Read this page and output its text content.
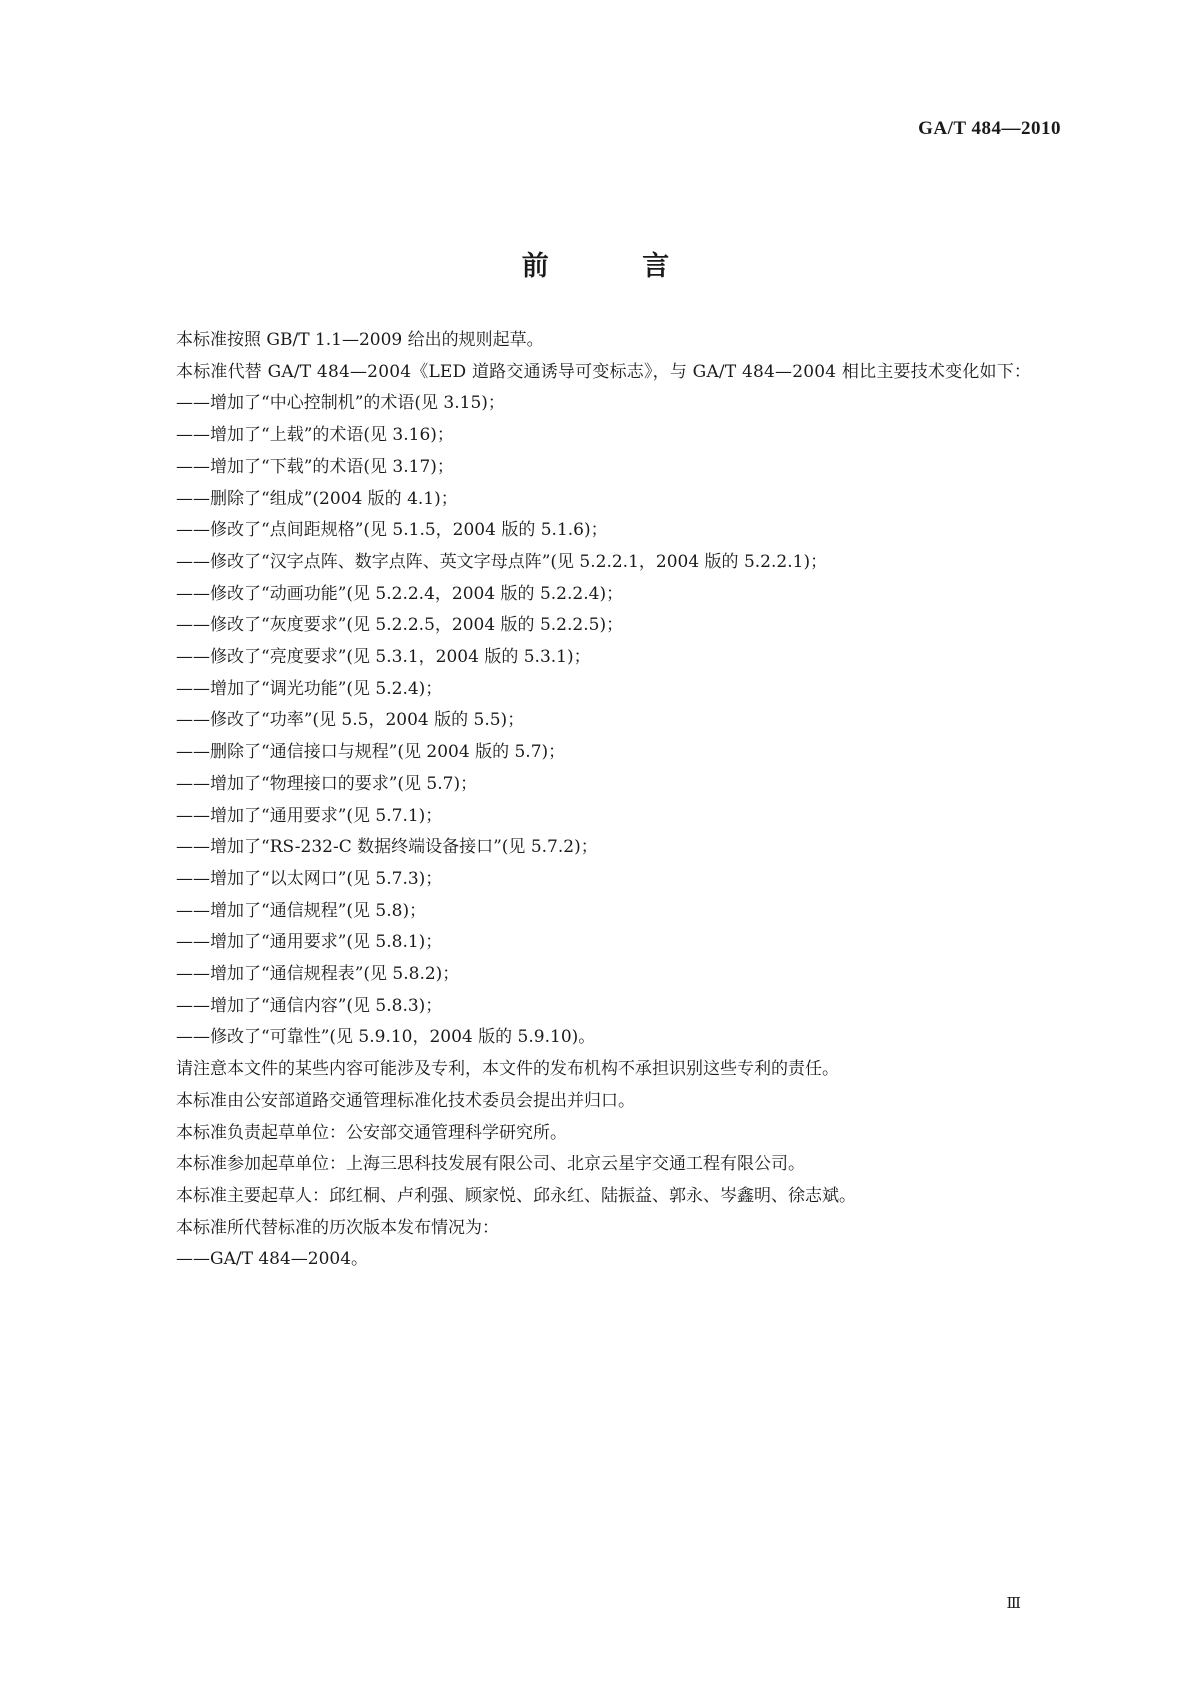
GA/T 484—2010
前 言

本标准按照 GB/T 1.1—2009 给出的规则起草。

本标准代替 GA/T 484—2004《LED 道路交通诱导可变标志》，与 GA/T 484—2004 相比主要技术变化如下：

——增加了“中心控制机”的术语(见 3.15)；

——增加了“上载”的术语(见 3.16)；

——增加了“下载”的术语(见 3.17)；

——删除了“组成”(2004 版的 4.1)；

——修改了“点间距规格”(见 5.1.5，2004 版的 5.1.6)；

——修改了“汉字点阵、数字点阵、英文字母点阵”(见 5.2.2.1，2004 版的 5.2.2.1)；

——修改了“动画功能”(见 5.2.2.4，2004 版的 5.2.2.4)；

——修改了“灰度要求”(见 5.2.2.5，2004 版的 5.2.2.5)；

——修改了“亮度要求”(见 5.3.1，2004 版的 5.3.1)；

——增加了“调光功能”(见 5.2.4)；

——修改了“功率”(见 5.5，2004 版的 5.5)；

——删除了“通信接口与规程”(见 2004 版的 5.7)；

——增加了“物理接口的要求”(见 5.7)；

——增加了“通用要求”(见 5.7.1)；

——增加了“RS-232-C 数据终端设备接口”(见 5.7.2)；

——增加了“以太网口”(见 5.7.3)；

——增加了“通信规程”(见 5.8)；

——增加了“通用要求”(见 5.8.1)；

——增加了“通信规程表”(见 5.8.2)；

——增加了“通信内容”(见 5.8.3)；

——修改了“可靠性”(见 5.9.10，2004 版的 5.9.10)。

请注意本文件的某些内容可能涉及专利，本文件的发布机构不承担识别这些专利的责任。

本标准由公安部道路交通管理标准化技术委员会提出并归口。

本标准负责起草单位：公安部交通管理科学研究所。

本标准参加起草单位：上海三思科技发展有限公司、北京云星宇交通工程有限公司。

本标准主要起草人：邱红桐、卢利强、顾家悦、邱永红、陆振益、郭永、岑鑫明、徐志斌。

本标准所代替标准的历次版本发布情况为：

——GA/T 484—2004。

Ⅲ
